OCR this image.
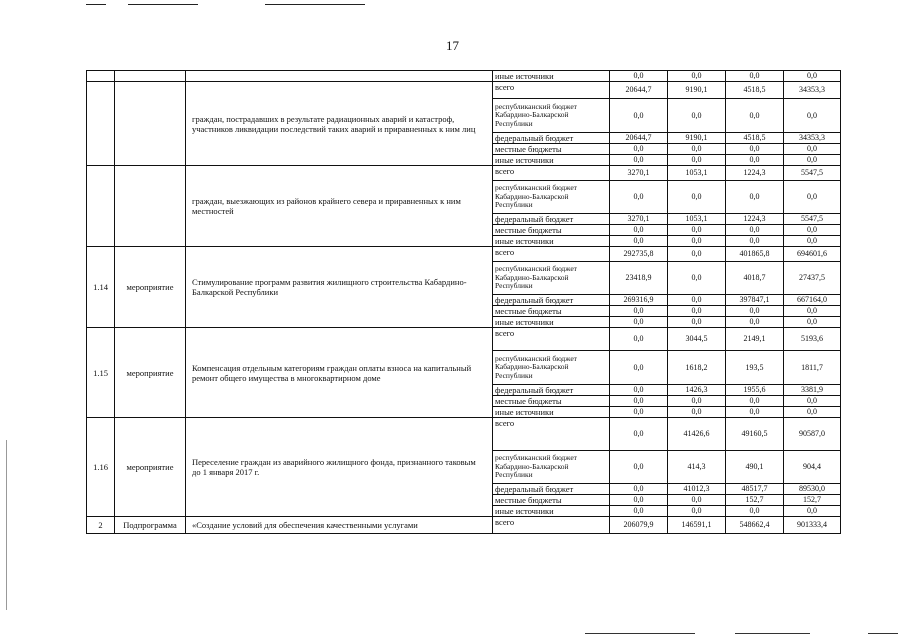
17
			иные источники	0,0	0,0	0,0	0,0
		граждан, пострадавших в результате радиационных аварий и катастроф, участников ликвидации последствий таких аварий и приравненных к ним лиц	всего	20644,7	9190,1	4518,5	34353,3
			республиканский бюджет Кабардино-Балкарской Республики	0,0	0,0	0,0	0,0
			федеральный бюджет	20644,7	9190,1	4518,5	34353,3
			местные бюджеты	0,0	0,0	0,0	0,0
			иные источники	0,0	0,0	0,0	0,0
		граждан, выезжающих из районов крайнего севера и приравненных к ним местностей	всего	3270,1	1053,1	1224,3	5547,5
			республиканский бюджет Кабардино-Балкарской Республики	0,0	0,0	0,0	0,0
			федеральный бюджет	3270,1	1053,1	1224,3	5547,5
			местные бюджеты	0,0	0,0	0,0	0,0
			иные источники	0,0	0,0	0,0	0,0
1.14	мероприятие	Стимулирование программ развития жилищного строительства Кабардино-Балкарской Республики	всего	292735,8	0,0	401865,8	694601,6
			республиканский бюджет Кабардино-Балкарской Республики	23418,9	0,0	4018,7	27437,5
			федеральный бюджет	269316,9	0,0	397847,1	667164,0
			местные бюджеты	0,0	0,0	0,0	0,0
			иные источники	0,0	0,0	0,0	0,0
1.15	мероприятие	Компенсация отдельным категориям граждан оплаты взноса на капитальный ремонт общего имущества в многоквартирном доме	всего	0,0	3044,5	2149,1	5193,6
			республиканский бюджет Кабардино-Балкарской Республики	0,0	1618,2	193,5	1811,7
			федеральный бюджет	0,0	1426,3	1955,6	3381,9
			местные бюджеты	0,0	0,0	0,0	0,0
			иные источники	0,0	0,0	0,0	0,0
1.16	мероприятие	Переселение граждан из аварийного жилищного фонда, признанного таковым до 1 января 2017 г.	всего	0,0	41426,6	49160,5	90587,0
			республиканский бюджет Кабардино-Балкарской Республики	0,0	414,3	490,1	904,4
			федеральный бюджет	0,0	41012,3	48517,7	89530,0
			местные бюджеты	0,0	0,0	152,7	152,7
			иные источники	0,0	0,0	0,0	0,0
2	Подпрограмма	«Создание условий для обеспечения качественными услугами	всего	206079,9	146591,1	548662,4	901333,4
